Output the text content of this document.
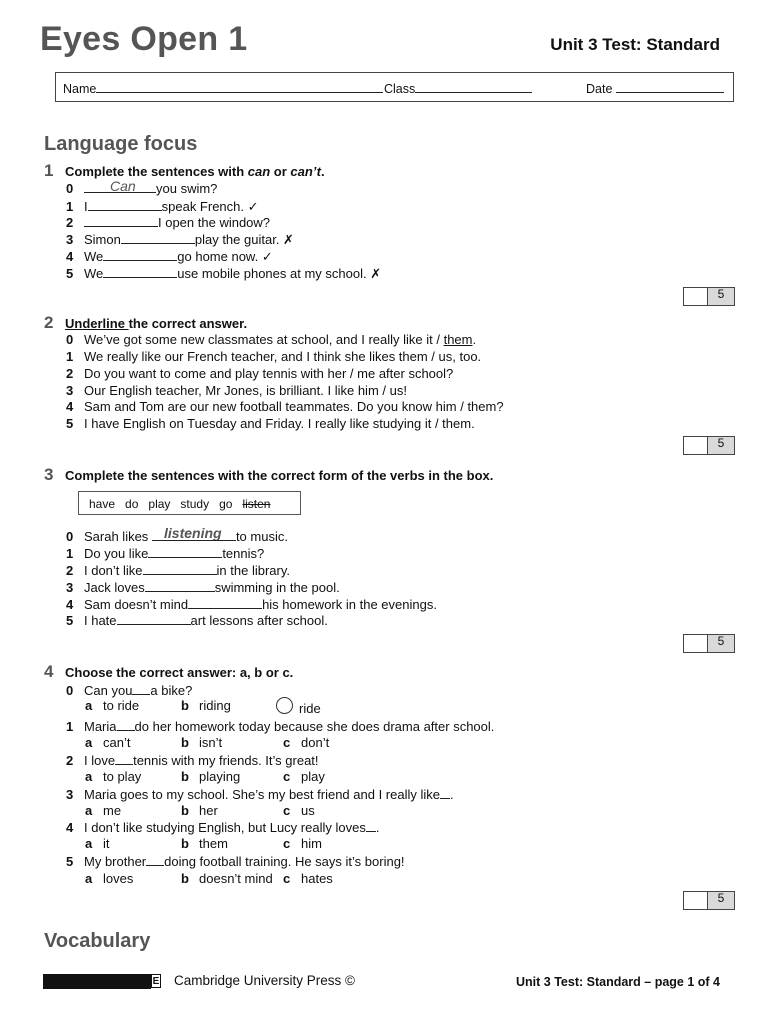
Eyes Open 1	Unit 3 Test: Standard
Name	Class	Date
Language focus
1 Complete the sentences with can or can’t.
Can
0	you swim?
1 I	speak French. ✓
2	I open the window?
3 Simon	play the guitar. ✗
4 We	go home now. ✓
5 We	use mobile phones at my school. ✗
5
2 Underline the correct answer.
0 We’ve got some new classmates at school, and I really like it / them.
1 We really like our French teacher, and I think she likes them / us, too.
2 Do you want to come and play tennis with her / me after school?
3 Our English teacher, Mr Jones, is brilliant. I like him / us!
4 Sam and Tom are our new football teammates. Do you know him / them?
5 I have English on Tuesday and Friday. I really like studying it / them.
5
3 Complete the sentences with the correct form of the verbs in the box.
have do play study go listen
listening
0 Sarah likes	to music.
1 Do you like	tennis?
2 I don’t like	in the library.
3 Jack loves	swimming in the pool.
4 Sam doesn’t mind	his homework in the evenings.
5 I hate	art lessons after school.
5
4 Choose the correct answer: a, b or c.
0 Can you a bike?
a to ride	b riding	ride
1 Maria do her homework today because she does drama after school.
a can’t	b isn’t	c don’t
2 I love tennis with my friends. It’s great!
a to play	b playing	c play
3 Maria goes to my school. She’s my best friend and I really like .
a me	b her	c us
4 I don’t like studying English, but Lucy really loves .
a it	b them	c him
5 My brother doing football training. He says it’s boring!
a loves	b doesn’t mind c hates
5
Vocabulary
E Cambridge University Press ©	Unit 3 Test: Standard – page 1 of 4
